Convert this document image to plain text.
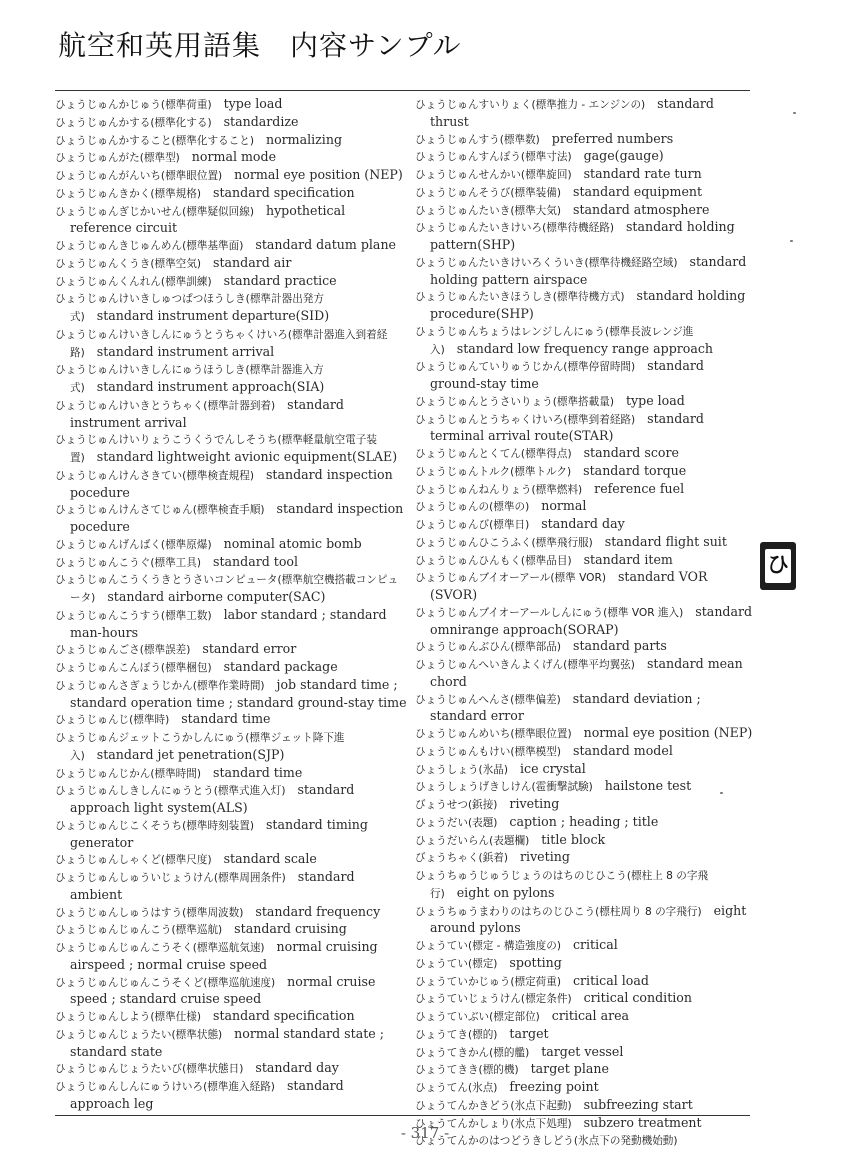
航空和英用語集　内容サンプル
ひょうじゅんかじゅう(標準荷重) type load
ひょうじゅんかする(標準化する) standardize
ひょうじゅんかすること(標準化すること) normalizing
ひょうじゅんがた(標準型) normal mode
ひょうじゅんがんいち(標準眼位置) normal eye position (NEP)
ひょうじゅんきかく(標準規格) standard specification
ひょうじゅんぎじかいせん(標準疑似回線) hypothetical reference circuit
ひょうじゅんきじゅんめん(標準基準面) standard datum plane
ひょうじゅんくうき(標準空気) standard air
ひょうじゅんくんれん(標準訓練) standard practice
ひょうじゅんけいきしゅつぱつほうしき(標準計器出発方式) standard instrument departure(SID)
ひょうじゅんけいきしんにゅうとうちゃくけいろ(標準計器進入到着経路) standard instrument arrival
ひょうじゅんけいきしんにゅうほうしき(標準計器進入方式) standard instrument approach(SIA)
ひょうじゅんけいきとうちゃく(標準計器到着) standard instrument arrival
ひょうじゅんけいりょうこうくうでんしそうち(標準軽量航空電子装置) standard lightweight avionic equipment(SLAE)
ひょうじゅんけんさきてい(標準検査規程) standard inspection pocedure
ひょうじゅんけんさてじゅん(標準検査手順) standard inspection pocedure
ひょうじゅんげんばく(標準原爆) nominal atomic bomb
ひょうじゅんこうぐ(標準工具) standard tool
ひょうじゅんこうくうきとうさいコンピュータ(標準航空機搭載コンピュータ) standard airborne computer(SAC)
ひょうじゅんこうすう(標準工数) labor standard ; standard man-hours
ひょうじゅんごさ(標準誤差) standard error
ひょうじゅんこんぽう(標準梱包) standard package
ひょうじゅんさぎょうじかん(標準作業時間) job standard time ; standard operation time ; standard ground-stay time
ひょうじゅんじ(標準時) standard time
ひょうじゅんジェットこうかしんにゅう(標準ジェット降下進入) standard jet penetration(SJP)
ひょうじゅんじかん(標準時間) standard time
ひょうじゅんしきしんにゅうとう(標準式進入灯) standard approach light system(ALS)
ひょうじゅんじこくそうち(標準時刻装置) standard timing generator
ひょうじゅんしゃくど(標準尺度) standard scale
ひょうじゅんしゅういじょうけん(標準周囲条件) standard ambient
ひょうじゅんしゅうはすう(標準周波数) standard frequency
ひょうじゅんじゅんこう(標準巡航) standard cruising
ひょうじゅんじゅんこうそく(標準巡航気速) normal cruising airspeed ; normal cruise speed
ひょうじゅんじゅんこうそくど(標準巡航速度) normal cruise speed ; standard cruise speed
ひょうじゅんしよう(標準仕様) standard specification
ひょうじゅんじょうたい(標準状態) normal standard state ; standard state
ひょうじゅんじょうたいび(標準状態日) standard day
ひょうじゅんしんにゅうけいろ(標準進入経路) standard approach leg
ひょうじゅんすいりょく(標準推力 - エンジンの) standard thrust
ひょうじゅんすう(標準数) preferred numbers
ひょうじゅんすんぽう(標準寸法) gage(gauge)
ひょうじゅんせんかい(標準旋回) standard rate turn
ひょうじゅんそうび(標準装備) standard equipment
ひょうじゅんたいき(標準大気) standard atmosphere
ひょうじゅんたいきけいろ(標準待機経路) standard holding pattern(SHP)
ひょうじゅんたいきけいろくういき(標準待機経路空域) standard holding pattern airspace
ひょうじゅんたいきほうしき(標準待機方式) standard holding procedure(SHP)
ひょうじゅんちょうはレンジしんにゅう(標準長波レンジ進入) standard low frequency range approach
ひょうじゅんていりゅうじかん(標準停留時間) standard ground-stay time
ひょうじゅんとうさいりょう(標準搭載量) type load
ひょうじゅんとうちゃくけいろ(標準到着経路) standard terminal arrival route(STAR)
ひょうじゅんとくてん(標準得点) standard score
ひょうじゅんトルク(標準トルク) standard torque
ひょうじゅんねんりょう(標準燃料) reference fuel
ひょうじゅんの(標準の) normal
ひょうじゅんび(標準日) standard day
ひょうじゅんひこうふく(標準飛行服) standard flight suit
ひょうじゅんひんもく(標準品目) standard item
ひょうじゅんブイオーアール(標準 VOR) standard VOR (SVOR)
ひょうじゅんブイオーアールしんにゅう(標準 VOR 進入) standard omnirange approach(SORAP)
ひょうじゅんぶひん(標準部品) standard parts
ひょうじゅんへいきんよくげん(標準平均翼弦) standard mean chord
ひょうじゅんへんさ(標準偏差) standard deviation ; standard error
ひょうじゅんめいち(標準眼位置) normal eye position (NEP)
ひょうじゅんもけい(標準模型) standard model
ひょうしょう(氷晶) ice crystal
ひょうしょうげきしけん(雹衝撃試験) hailstone test
びょうせつ(鋲接) riveting
ひょうだい(表題) caption ; heading ; title
ひょうだいらん(表題欄) title block
びょうちゃく(鋲着) riveting
ひょうちゅうじゅうじょうのはちのじひこう(標柱上 8 の字飛行) eight on pylons
ひょうちゅうまわりのはちのじひこう(標柱周り 8 の字飛行) eight around pylons
ひょうてい(標定 - 構造強度の) critical
ひょうてい(標定) spotting
ひょうていかじゅう(標定荷重) critical load
ひょうていじょうけん(標定条件) critical condition
ひょうていぶい(標定部位) critical area
ひょうてき(標的) target
ひょうてきかん(標的艦) target vessel
ひょうてきき(標的機) target plane
ひょうてん(氷点) freezing point
ひょうてんかきどう(氷点下起動) subfreezing start
ひょうてんかしょり(氷点下処理) subzero treatment
ひょうてんかのはつどうきしどう(氷点下の発動機始動)
- 317 -
ひ
